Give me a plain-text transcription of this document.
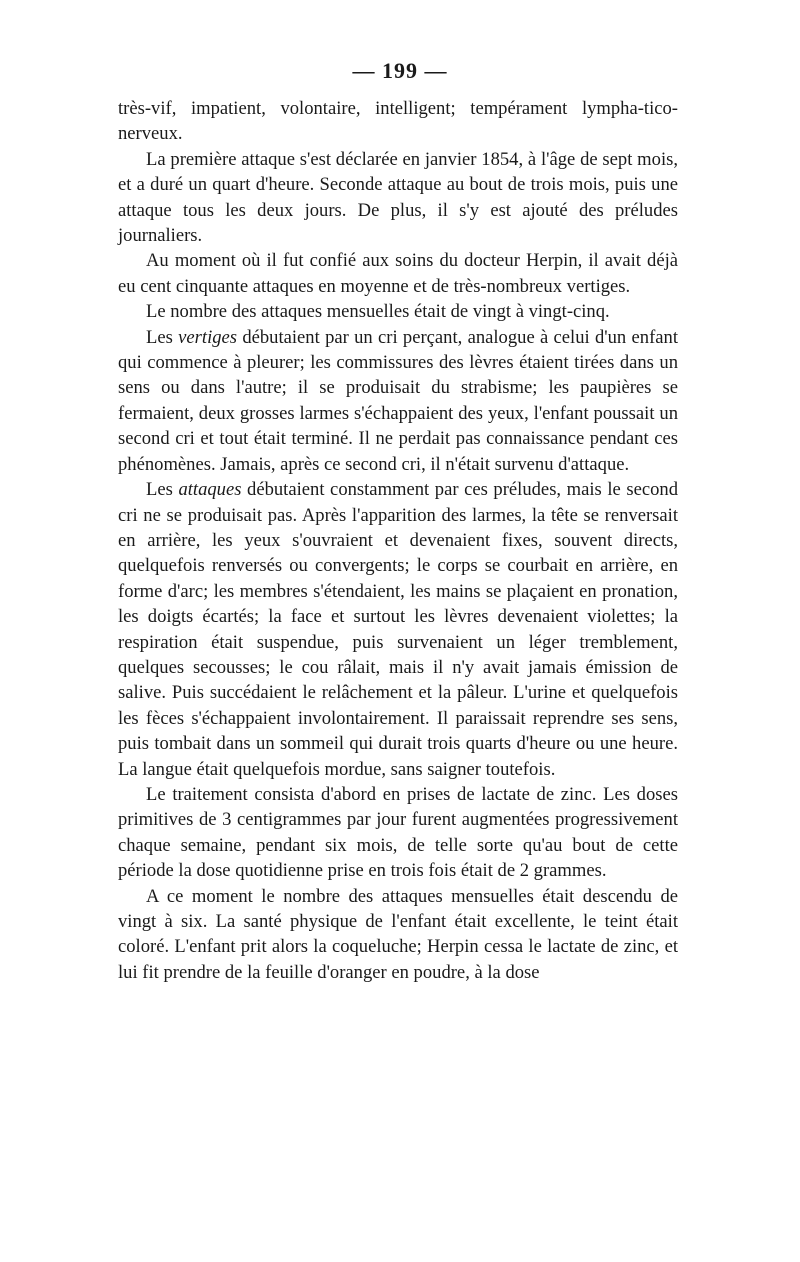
— 199 —

très-vif, impatient, volontaire, intelligent; tempérament lympha-tico-nerveux.

La première attaque s'est déclarée en janvier 1854, à l'âge de sept mois, et a duré un quart d'heure. Seconde attaque au bout de trois mois, puis une attaque tous les deux jours. De plus, il s'y est ajouté des préludes journaliers.

Au moment où il fut confié aux soins du docteur Herpin, il avait déjà eu cent cinquante attaques en moyenne et de très-nombreux vertiges.

Le nombre des attaques mensuelles était de vingt à vingt-cinq.

Les vertiges débutaient par un cri perçant, analogue à celui d'un enfant qui commence à pleurer; les commissures des lèvres étaient tirées dans un sens ou dans l'autre; il se produisait du strabisme; les paupières se fermaient, deux grosses larmes s'échappaient des yeux, l'enfant poussait un second cri et tout était terminé. Il ne perdait pas connaissance pendant ces phénomènes. Jamais, après ce second cri, il n'était survenu d'attaque.

Les attaques débutaient constamment par ces préludes, mais le second cri ne se produisait pas. Après l'apparition des larmes, la tête se renversait en arrière, les yeux s'ouvraient et devenaient fixes, souvent directs, quelquefois renversés ou convergents; le corps se courbait en arrière, en forme d'arc; les membres s'étendaient, les mains se plaçaient en pronation, les doigts écartés; la face et surtout les lèvres devenaient violettes; la respiration était suspendue, puis survenaient un léger tremblement, quelques secousses; le cou râlait, mais il n'y avait jamais émission de salive. Puis succédaient le relâchement et la pâleur. L'urine et quelquefois les fèces s'échappaient involontairement. Il paraissait reprendre ses sens, puis tombait dans un sommeil qui durait trois quarts d'heure ou une heure. La langue était quelquefois mordue, sans saigner toutefois.

Le traitement consista d'abord en prises de lactate de zinc. Les doses primitives de 3 centigrammes par jour furent augmentées progressivement chaque semaine, pendant six mois, de telle sorte qu'au bout de cette période la dose quotidienne prise en trois fois était de 2 grammes.

A ce moment le nombre des attaques mensuelles était descendu de vingt à six. La santé physique de l'enfant était excellente, le teint était coloré. L'enfant prit alors la coqueluche; Herpin cessa le lactate de zinc, et lui fit prendre de la feuille d'oranger en poudre, à la dose
